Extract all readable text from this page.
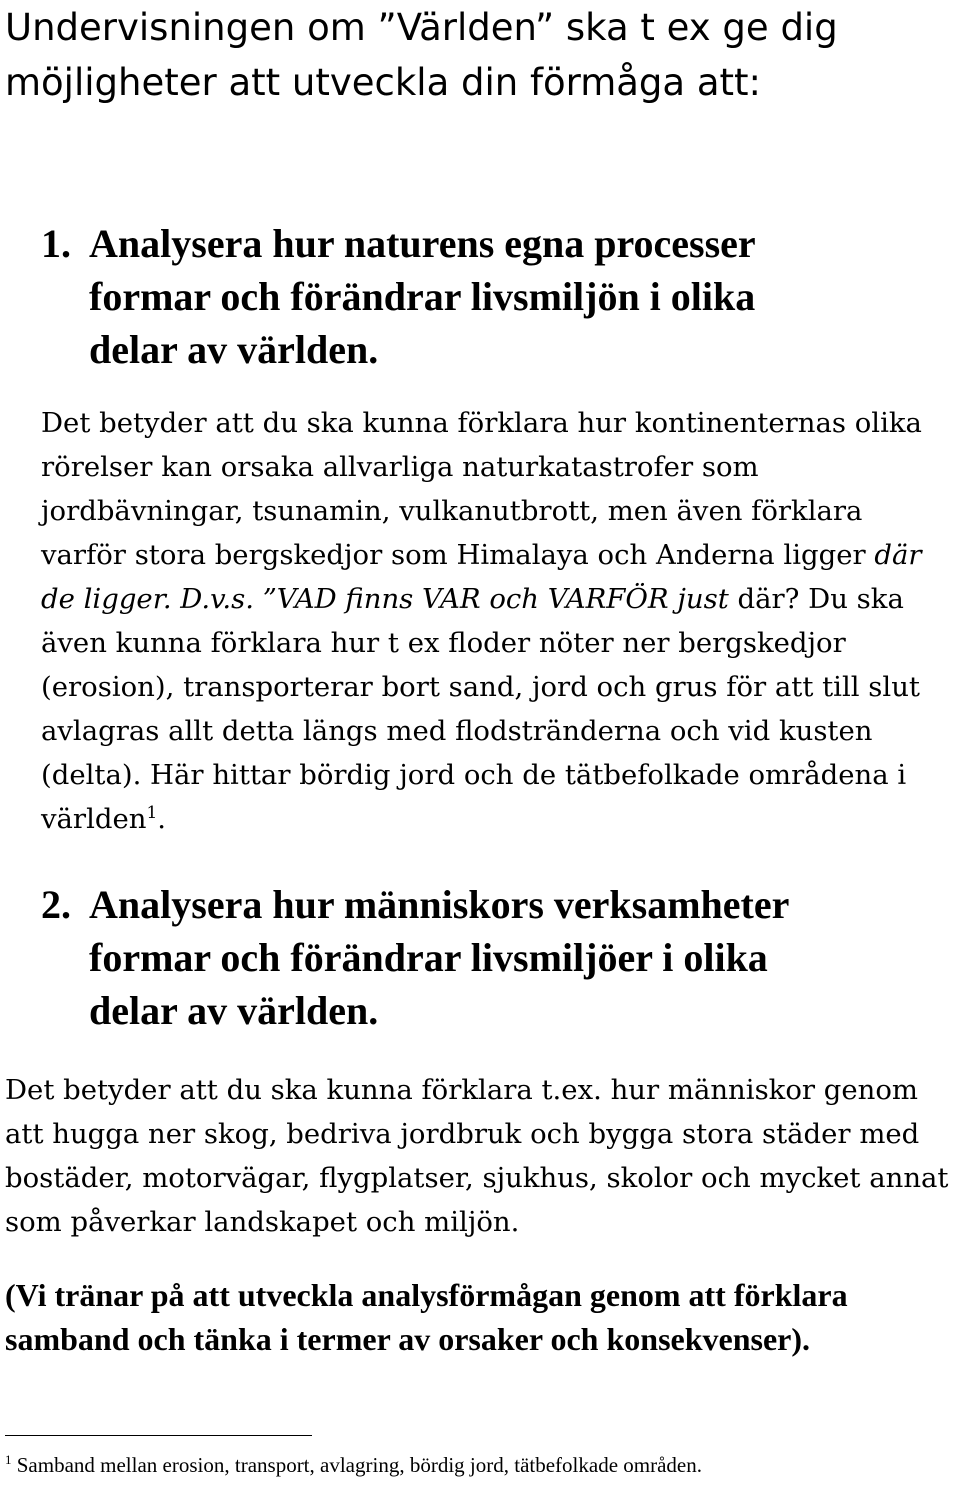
Undervisningen om ”Världen” ska t ex ge dig
möjligheter att utveckla din förmåga att:
1. Analysera hur naturens egna processer
formar och förändrar livsmiljön i olika
delar av världen.

Det betyder att du ska kunna förklara hur kontinenternas olika rörelser kan orsaka allvarliga naturkatastrofer som jordbävningar, tsunamin, vulkanutbrott, men även förklara varför stora bergskedjor som Himalaya och Anderna ligger där de ligger. D.v.s. ”VAD finns VAR och VARFÖR just där? Du ska även kunna förklara hur t ex floder nöter ner bergskedjor (erosion), transporterar bort sand, jord och grus för att till slut avlagras allt detta längs med flodstränderna och vid kusten (delta). Här hittar bördig jord och de tätbefolkade områdena i världen$^1$.

2. Analysera hur människors verksamheter
formar och förändrar livsmiljöer i olika
delar av världen.

Det betyder att du ska kunna förklara t.ex. hur människor genom att hugga ner skog, bedriva jordbruk och bygga stora städer med bostäder, motorvägar, flygplatser, sjukhus, skolor och mycket annat som påverkar landskapet och miljön.

(Vi tränar på att utveckla analysförmågan genom att förklara samband och tänka i termer av orsaker och konsekvenser).

$^1$ Samband mellan erosion, transport, avlagring, bördig jord, tätbefolkade områden.
